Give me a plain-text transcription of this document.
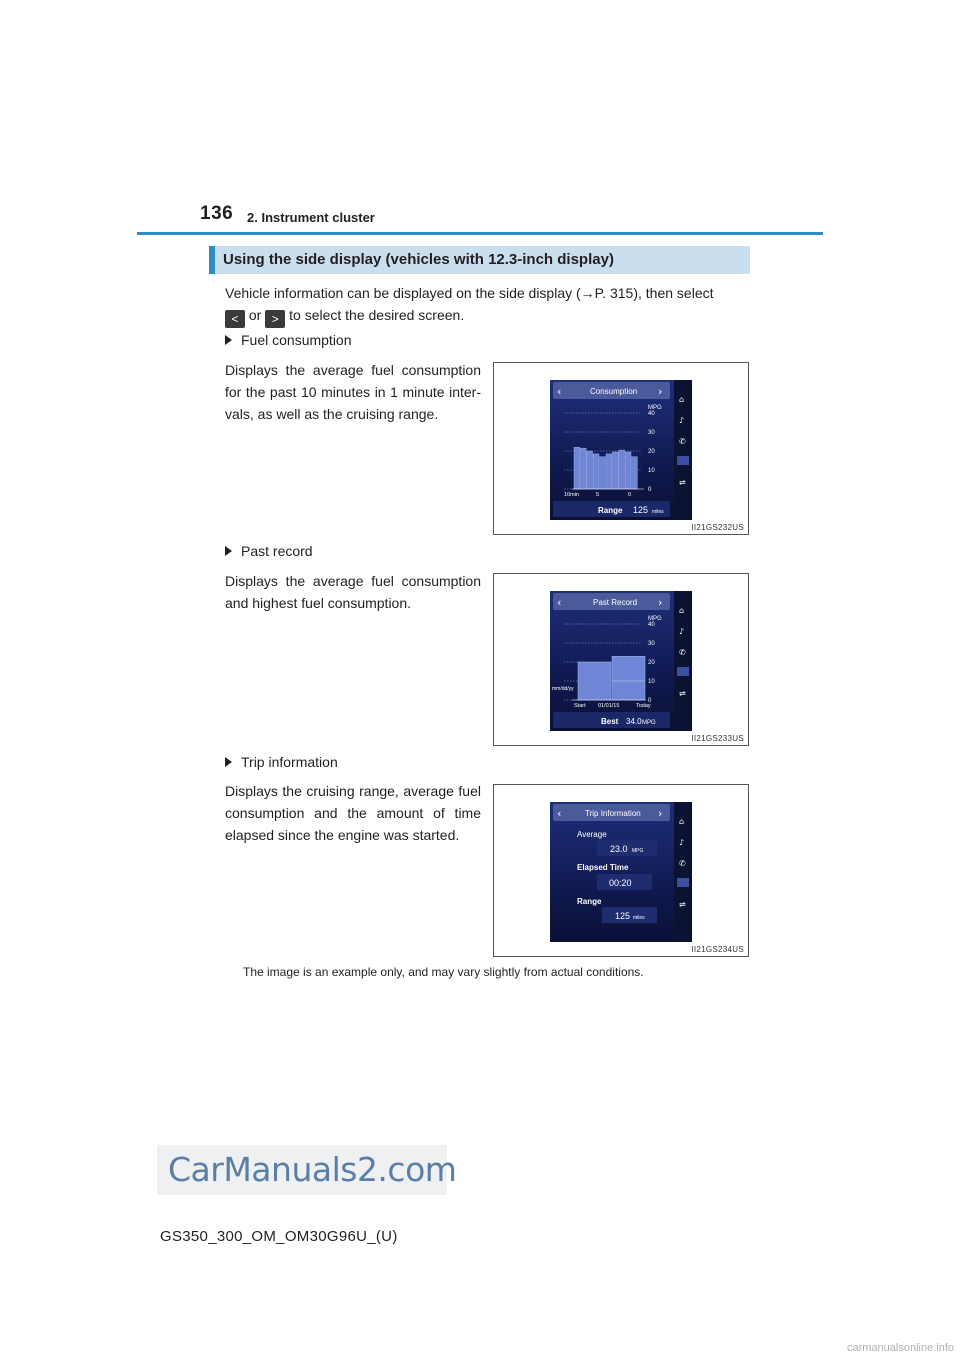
136 2. Instrument cluster
Using the side display (vehicles with 12.3-inch display)
Vehicle information can be displayed on the side display (→P. 315), then select
< or > to select the desired screen.
Fuel consumption
Displays the average fuel consumption for the past 10 minutes in 1 minute inter-vals, as well as the cruising range.
‹	›
Consumption
MPG
40
30
20
10
0
10min	5	0
Range 125 miles
⌂
♪
✆
⇌
II21GS232US
Past record
Displays the average fuel consumption and highest fuel consumption.	‹	›
Past Record
MPG
40
30
20
10
0
mm/dd/yy
Start 01/01/15	Today
Best 34.0 MPG
⌂
♪
✆
⇌
II21GS233US
Trip information
Displays the cruising range, average fuel consumption and the amount of time elapsed since the engine was started.
‹	›
Trip Information
Average
23.0 MPG
Elapsed Time
00:20
Range
125 miles
⌂
♪
✆
⇌
II21GS234US
The image is an example only, and may vary slightly from actual conditions.
CarManuals2.com
GS350_300_OM_OM30G96U_(U)
carmanualsonline.info
